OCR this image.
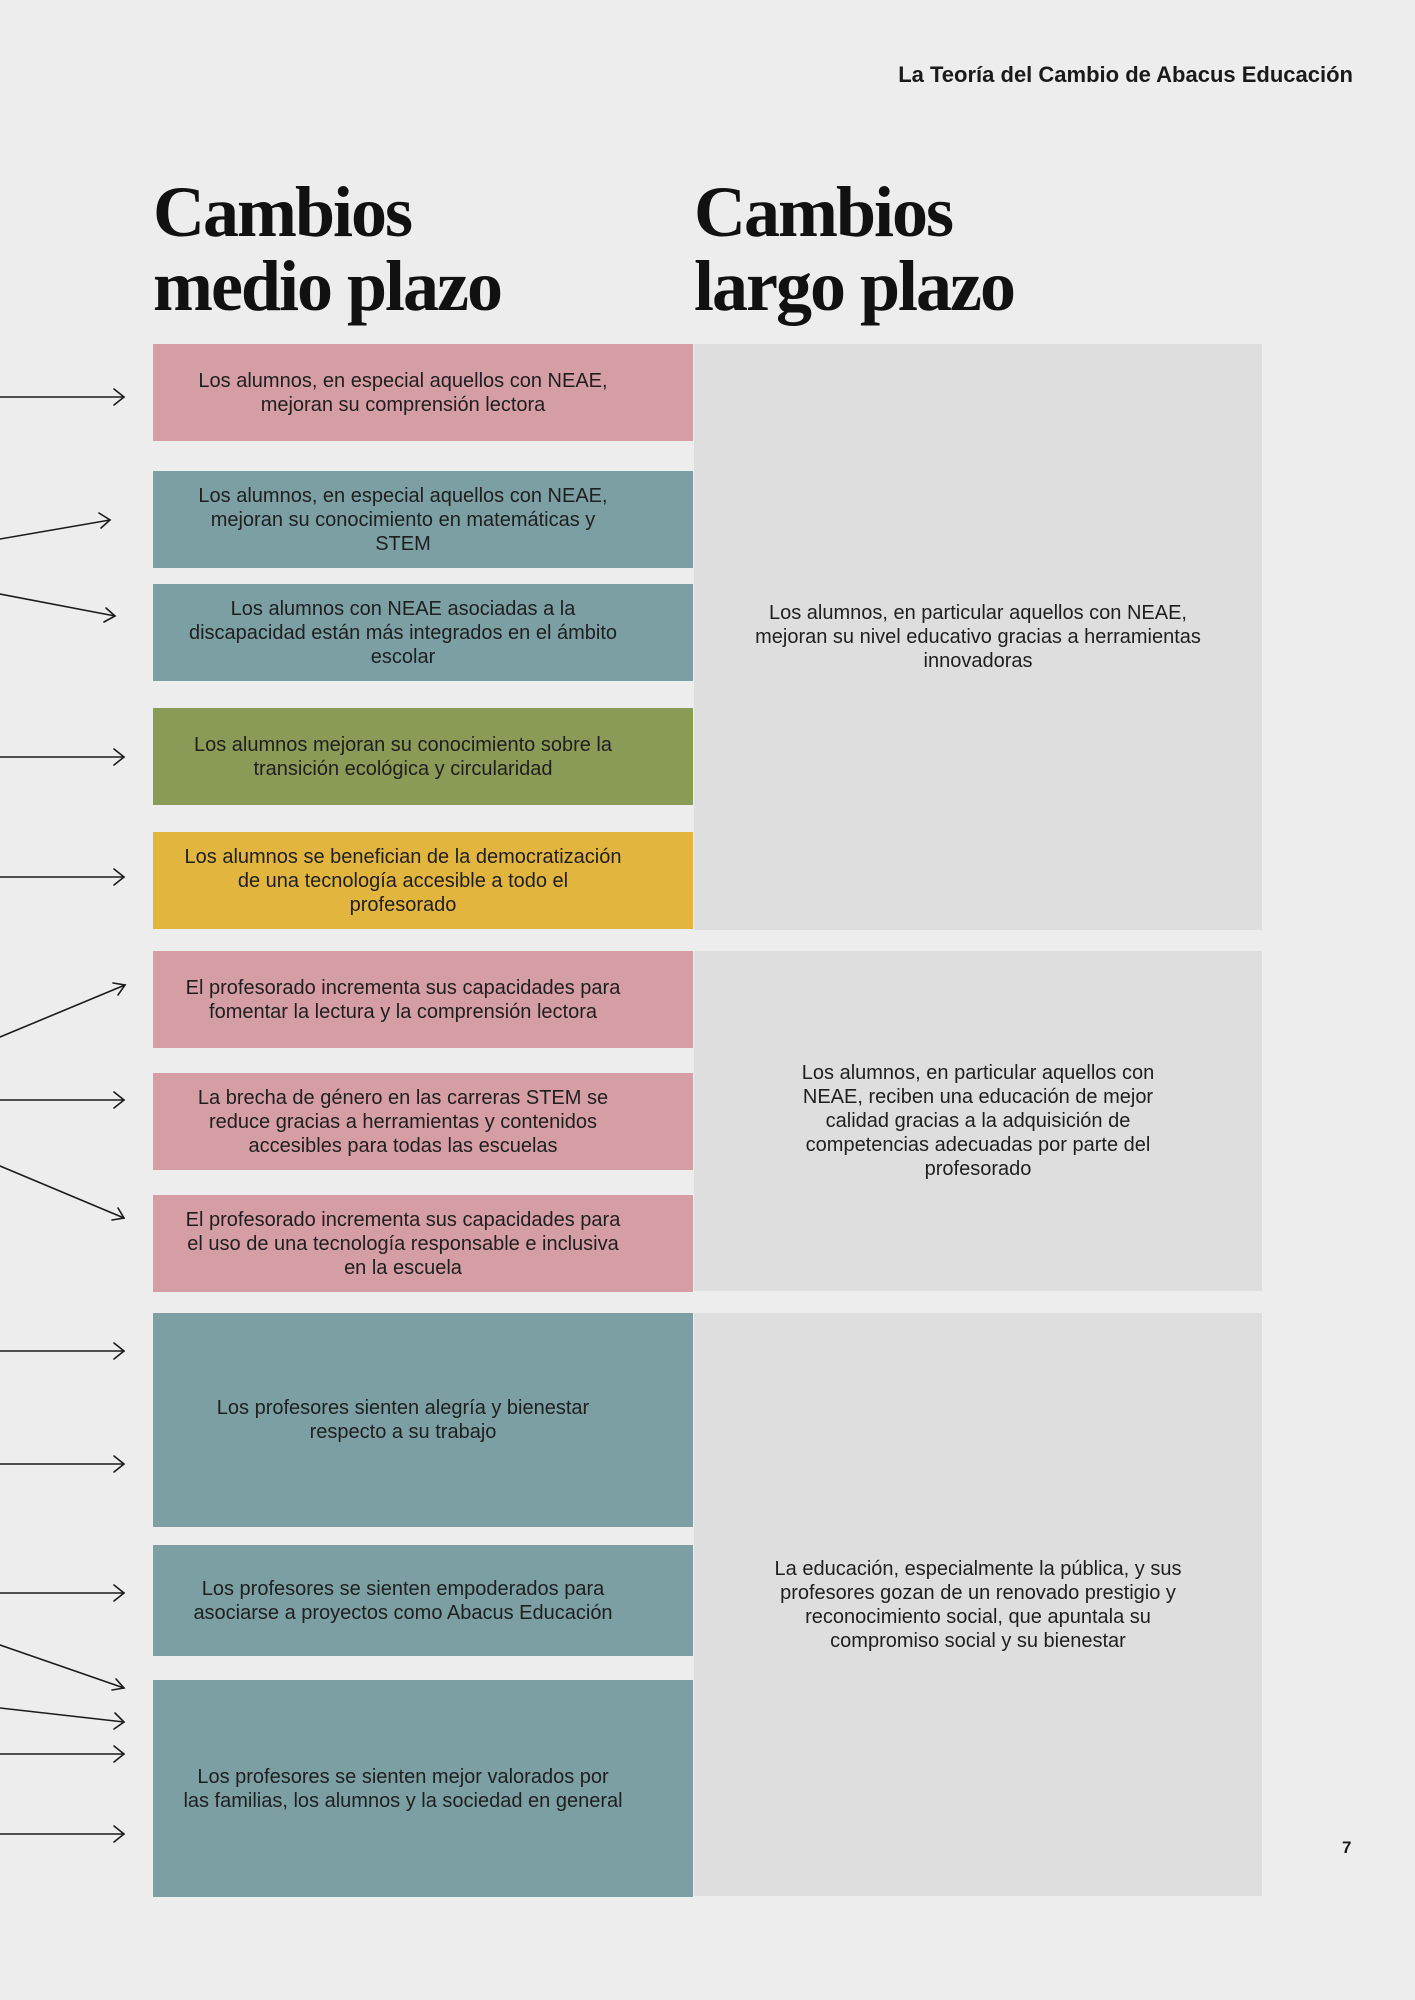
La Teoría del Cambio de Abacus Educación
Cambios
medio plazo
Cambios
largo plazo
Los alumnos, en particular aquellos con NEAE, mejoran su nivel educativo gracias a herramientas innovadoras
Los alumnos, en particular aquellos con NEAE, reciben una educación de mejor calidad gracias a la adquisición de competencias adecuadas por parte del profesorado
La educación, especialmente la pública, y sus profesores gozan de un renovado prestigio y reconocimiento social, que apuntala su compromiso social y su bienestar
Los alumnos, en especial aquellos con NEAE, mejoran su comprensión lectora
Los alumnos, en especial aquellos con NEAE, mejoran su conocimiento en matemáticas y STEM
Los alumnos con NEAE asociadas a la discapacidad están más integrados en el ámbito escolar
Los alumnos mejoran su conocimiento sobre la transición ecológica y circularidad
Los alumnos se benefician de la democratización de una tecnología accesible a todo el profesorado
El profesorado incrementa sus capacidades para fomentar la lectura y la comprensión lectora
La brecha de género en las carreras STEM se reduce gracias a herramientas y contenidos accesibles para todas las escuelas
El profesorado incrementa sus capacidades para el uso de una tecnología responsable e inclusiva en la escuela
Los profesores sienten alegría y bienestar respecto a su trabajo
Los profesores se sienten empoderados para asociarse a proyectos como Abacus Educación
Los profesores se sienten mejor valorados por las familias, los alumnos y la sociedad en general
7
